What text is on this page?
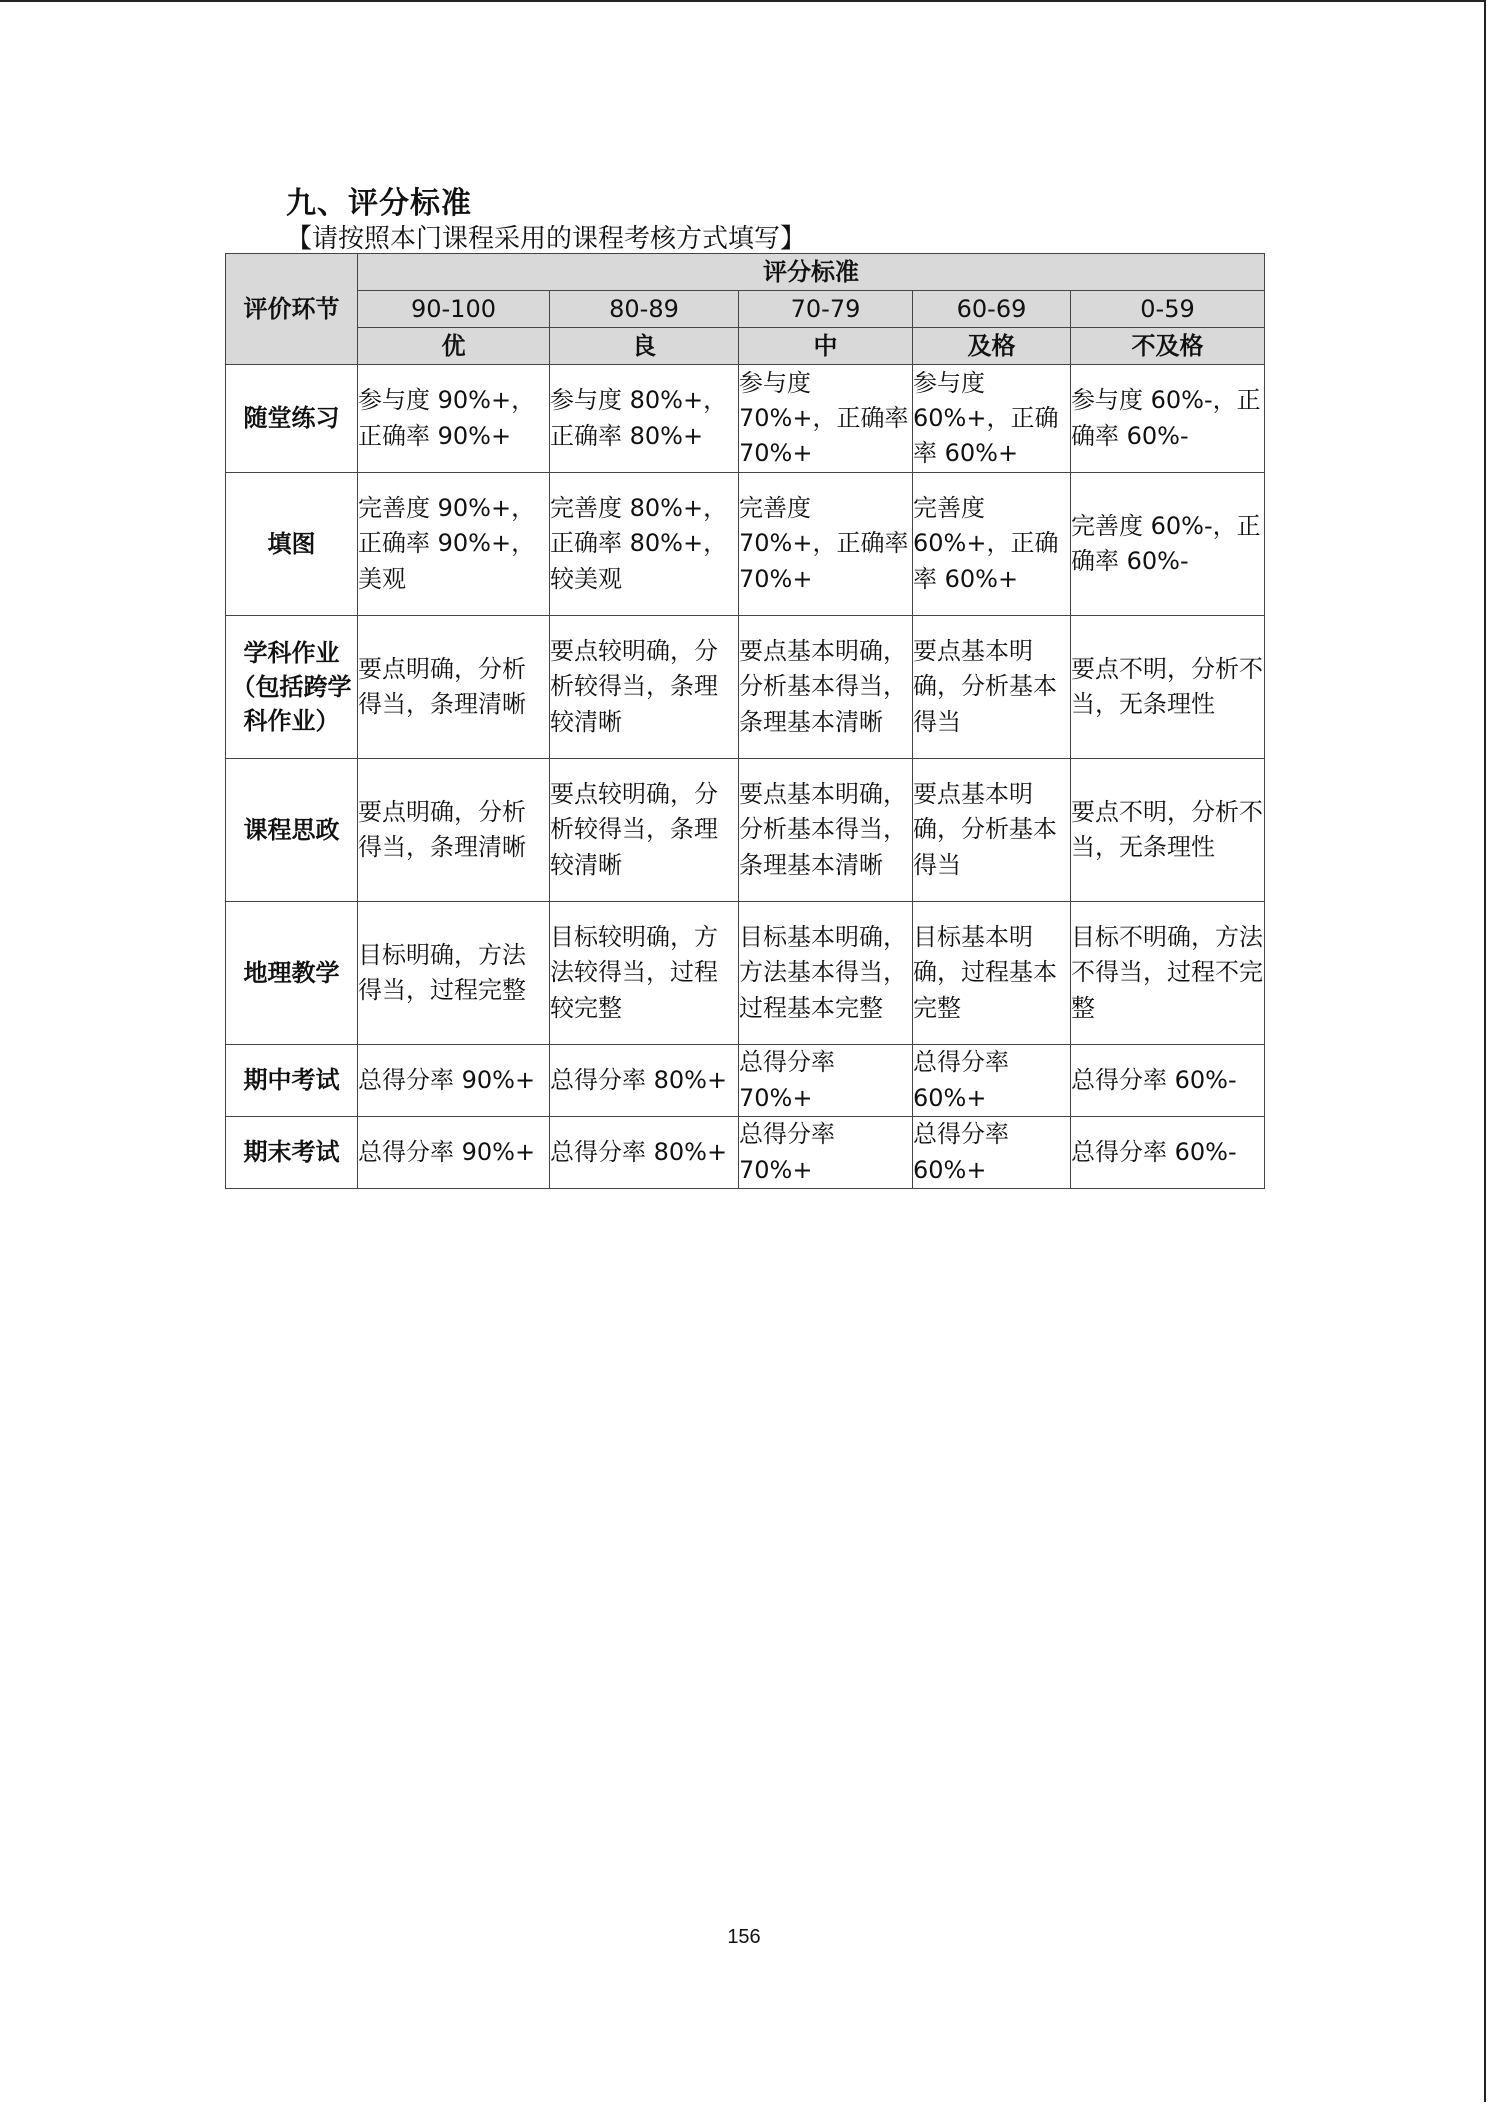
九、评分标准
【请按照本门课程采用的课程考核方式填写】
评价环节	评分标准				
	90-100	80-89	70-79	60-69	0-59
	优	良	中	及格	不及格
随堂练习	参与度 90%+，正确率 90%+	参与度 80%+，正确率 80%+	参与度 70%+，正确率 70%+	参与度 60%+，正确率 60%+	参与度 60%-，正确率 60%-
填图	完善度 90%+，正确率 90%+，美观	完善度 80%+，正确率 80%+，较美观	完善度 70%+，正确率 70%+	完善度 60%+，正确率 60%+	完善度 60%-，正确率 60%-
学科作业（包括跨学科作业）	要点明确，分析得当，条理清晰	要点较明确，分析较得当，条理较清晰	要点基本明确，分析基本得当，条理基本清晰	要点基本明确，分析基本得当	要点不明，分析不当，无条理性
课程思政	要点明确，分析得当，条理清晰	要点较明确，分析较得当，条理较清晰	要点基本明确，分析基本得当，条理基本清晰	要点基本明确，分析基本得当	要点不明，分析不当，无条理性
地理教学	目标明确，方法得当，过程完整	目标较明确，方法较得当，过程较完整	目标基本明确，方法基本得当，过程基本完整	目标基本明确，过程基本完整	目标不明确，方法不得当，过程不完整
期中考试	总得分率 90%+	总得分率 80%+	总得分率 70%+	总得分率 60%+	总得分率 60%-
期末考试	总得分率 90%+	总得分率 80%+	总得分率 70%+	总得分率 60%+	总得分率 60%-
156
